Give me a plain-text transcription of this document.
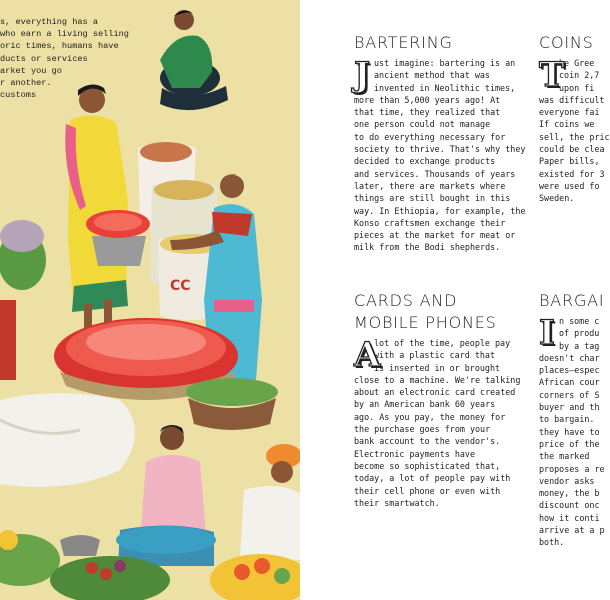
CC
s, everything has a
who earn a living selling
oric times, humans have
ducts or services
arket you go
r another.
customs
BARTERING
J ust imagine: bartering is an
ancient method that was
invented in Neolithic times,
more than 5,000 years ago! At
that time, they realized that
one person could not manage
to do everything necessary for
society to thrive. That's why they
decided to exchange products
and services. Thousands of years
later, there are markets where
things are still bought in this
way. In Ethiopia, for example, the
Konso craftsmen exchange their
pieces at the market for meat or
milk from the Bodi shepherds.
COINS
T
he Gree
coin 2,7
upon fi
was difficult
everyone fai
If coins we
sell, the pric
could be clea
Paper bills,
existed for 3
were used fo
Sweden.
CARDS AND
MOBILE PHONES
A
lot of the time, people pay
with a plastic card that
is inserted in or brought
close to a machine. We're talking
about an electronic card created
by an American bank 60 years
ago. As you pay, the money for
the purchase goes from your
bank account to the vendor's.
Electronic payments have
become so sophisticated that,
today, a lot of people pay with
their cell phone or even with
their smartwatch.
BARGAI
I n some c
of produ
by a tag
doesn't char
places—espec
African cour
corners of S
buyer and th
to bargain.
they have to
price of the
the marked
proposes a re
vendor asks
money, the b
discount onc
how it conti
arrive at a p
both.
